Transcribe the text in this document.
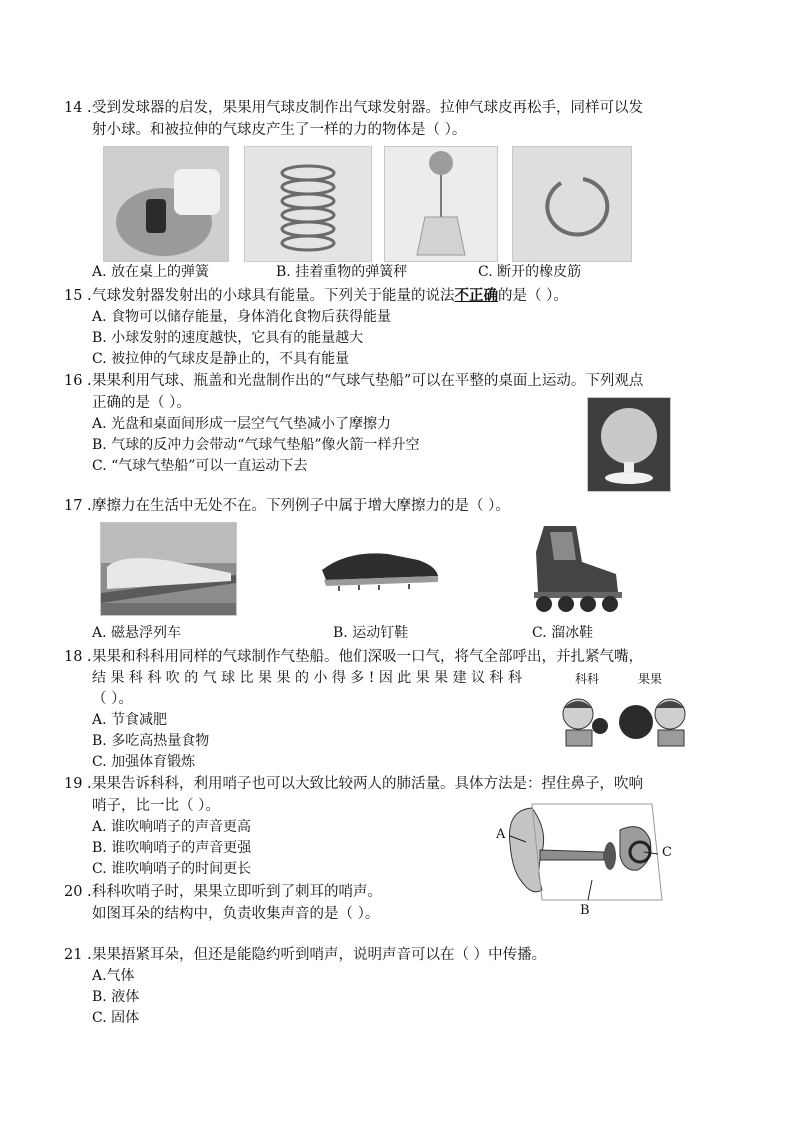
14 . 受到发球器的启发，果果用气球皮制作出气球发射器。拉伸气球皮再松手，同样可以发
射小球。和被拉伸的气球皮产生了一样的力的物体是（ ）。
A. 放在桌上的弹簧	B. 挂着重物的弹簧秤	C. 断开的橡皮筋
15 . 气球发射器发射出的小球具有能量。下列关于能量的说法不正确的是（ ）。
A. 食物可以储存能量，身体消化食物后获得能量
B. 小球发射的速度越快，它具有的能量越大
C. 被拉伸的气球皮是静止的，不具有能量
16 . 果果利用气球、瓶盖和光盘制作出的“气球气垫船”可以在平整的桌面上运动。下列观点
正确的是（ ）。
A. 光盘和桌面间形成一层空气气垫减小了摩擦力
B. 气球的反冲力会带动“气球气垫船”像火箭一样升空
C. “气球气垫船”可以一直运动下去
17 . 摩擦力在生活中无处不在。下列例子中属于增大摩擦力的是（ ）。
A. 磁悬浮列车	B. 运动钉鞋	C. 溜冰鞋
18 . 果果和科科用同样的气球制作气垫船。他们深吸一口气，将气全部呼出，并扎紧气嘴，
结 果 科 科 吹 的 气 球 比 果 果 的 小 得 多 ! 因 此 果 果 建 议 科 科
（ ）。
科科	果果
A. 节食减肥
B. 多吃高热量食物
C. 加强体育锻炼
19 . 果果告诉科科，利用哨子也可以大致比较两人的肺活量。具体方法是：捏住鼻子，吹响
哨子，比一比（ ）。
A. 谁吹响哨子的声音更高
B. 谁吹响哨子的声音更强
C. 谁吹响哨子的时间更长
A
B
C
20 . 科科吹哨子时，果果立即听到了刺耳的哨声。
如图耳朵的结构中，负责收集声音的是（ ）。
21 . 果果捂紧耳朵，但还是能隐约听到哨声，说明声音可以在（ ）中传播。
A.气体
B. 液体
C. 固体
